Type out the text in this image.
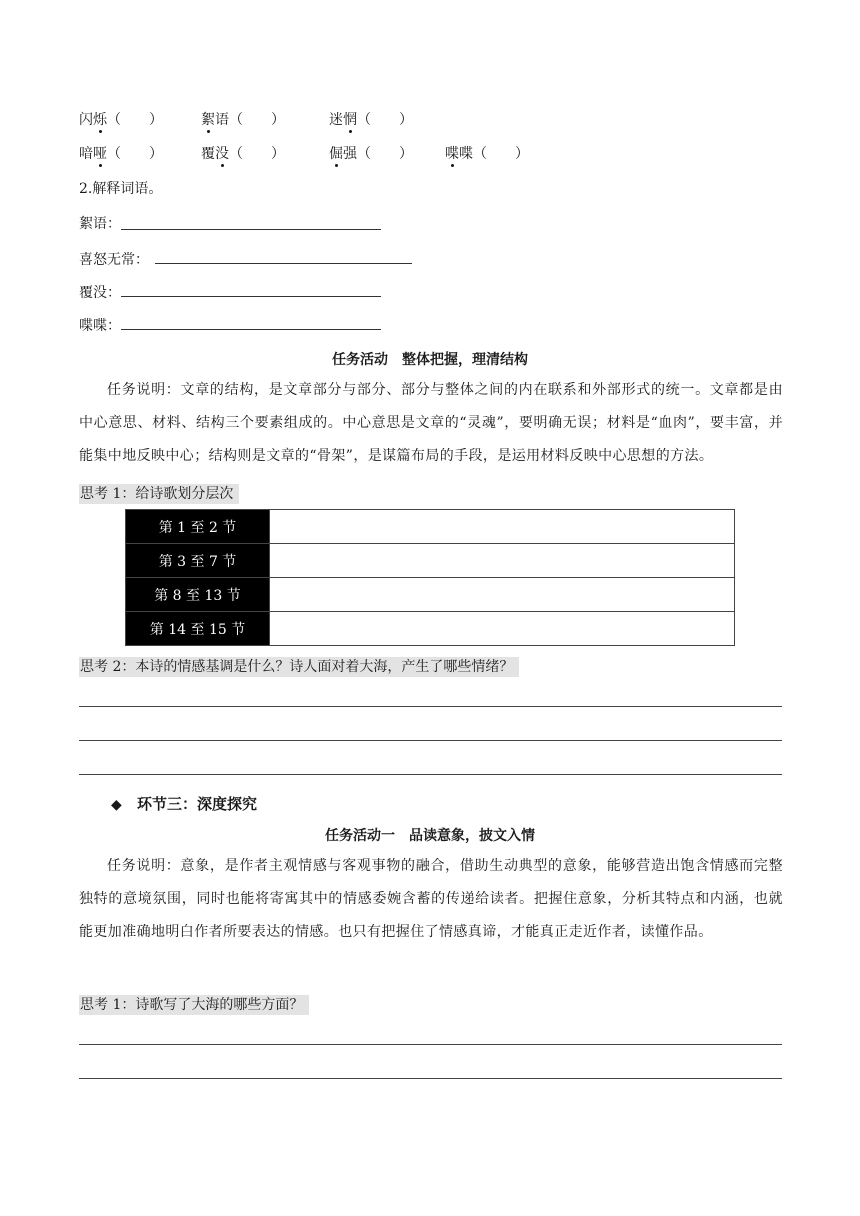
闪烁（　　）	絮语（　　）	迷惘（　　）
喑哑（　　）	覆没（　　）	倔强（　　） 喋喋（　　）
2.解释词语。
絮语：
喜怒无常：
覆没：
喋喋：
任务活动　整体把握，理清结构

任务说明：文章的结构，是文章部分与部分、部分与整体之间的内在联系和外部形式的统一。文章都是由中心意思、材料、结构三个要素组成的。中心意思是文章的“灵魂”，要明确无误；材料是“血肉”，要丰富，并能集中地反映中心；结构则是文章的“骨架”，是谋篇布局的手段，是运用材料反映中心思想的方法。

思考 1：给诗歌划分层次
第 1 至 2 节	
第 3 至 7 节	
第 8 至 13 节	
第 14 至 15 节	
思考 2：本诗的情感基调是什么？诗人面对着大海，产生了哪些情绪？
◆ 环节三：深度探究
任务活动一　品读意象，披文入情

任务说明：意象，是作者主观情感与客观事物的融合，借助生动典型的意象，能够营造出饱含情感而完整独特的意境氛围，同时也能将寄寓其中的情感委婉含蓄的传递给读者。把握住意象，分析其特点和内涵，也就能更加准确地明白作者所要表达的情感。也只有把握住了情感真谛，才能真正走近作者，读懂作品。

思考 1：诗歌写了大海的哪些方面？
